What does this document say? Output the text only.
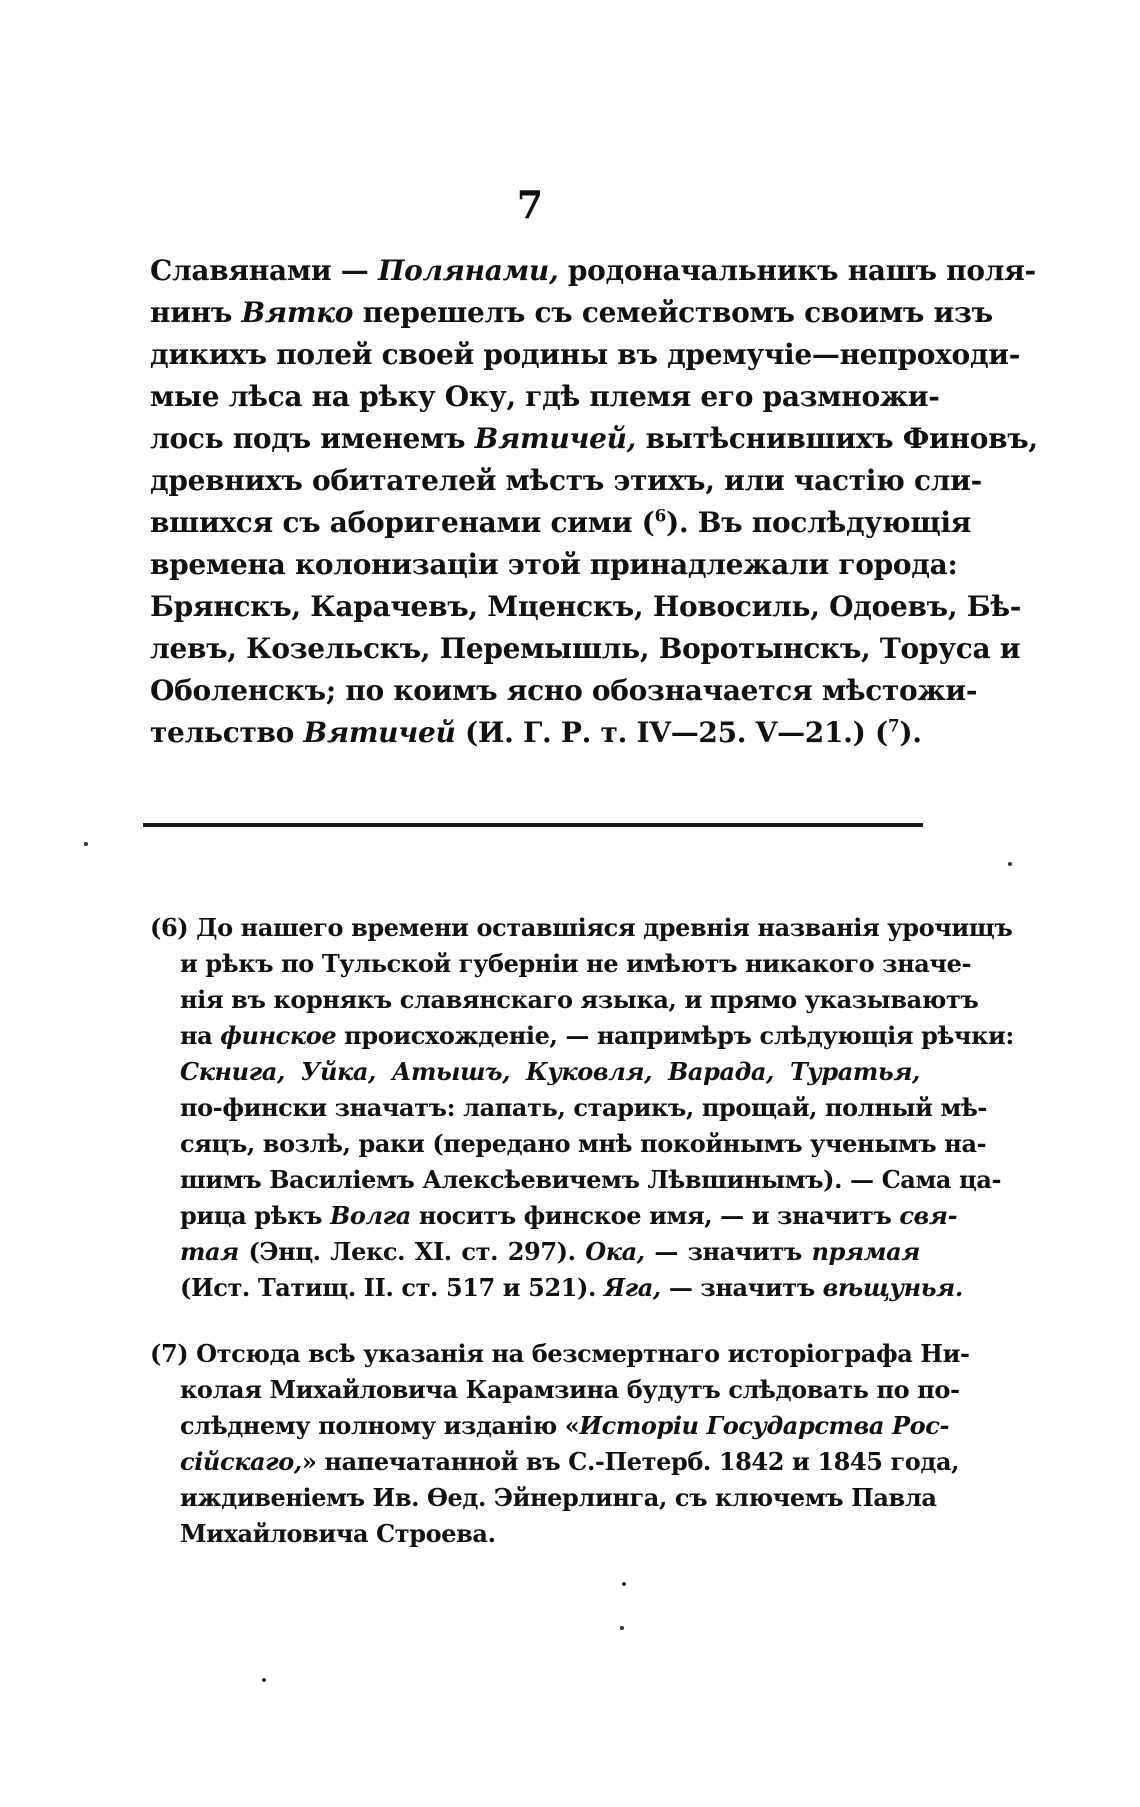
7
Славянами — Полянами, родоначальникъ нашъ поля-
нинъ Вятко перешелъ съ семействомъ своимъ изъ
дикихъ полей своей родины въ дремучіе—непроходи-
мые лѣса на рѣку Оку, гдѣ племя его размножи-
лось подъ именемъ Вятичей, вытѣснившихъ Финовъ,
древнихъ обитателей мѣстъ этихъ, или частію сли-
вшихся съ аборигенами сими ($^6$). Въ послѣдующія
времена колонизаціи этой принадлежали города:
Брянскъ, Карачевъ, Мценскъ, Новосиль, Одоевъ, Бѣ-
левъ, Козельскъ, Перемышль, Воротынскъ, Торуса и
Оболенскъ; по коимъ ясно обозначается мѣстожи-
тельство Вятичей (И. Г. Р. т. IV—25. V—21.) ($^7$).
(6) До нашего времени оставшіяся древнія названія урочищъ
и рѣкъ по Тульской губерніи не имѣютъ никакого значе-
нія въ корнякъ славянскаго языка, и прямо указываютъ
на финское происхожденіе, — напримѣръ слѣдующія рѣчки:
Скнига, Уйка, Атышъ, Куковля, Варада, Туратья,
по-фински значатъ: лапать, старикъ, прощай, полный мѣ-
сяцъ, возлѣ, раки (передано мнѣ покойнымъ ученымъ на-
шимъ Василіемъ Алексѣевичемъ Лѣвшинымъ). — Сама ца-
рица рѣкъ Волга носитъ финское имя, — и значитъ свя-
тая (Энц. Лекс. XI. ст. 297). Ока, — значитъ прямая
(Ист. Татищ. II. ст. 517 и 521). Яга, — значитъ вѣщунья.
(7) Отсюда всѣ указанія на безсмертнаго исторіографа Ни-
колая Михайловича Карамзина будутъ слѣдовать по по-
слѣднему полному изданію «Исторіи Государства Рос-
сійскаго,» напечатанной въ С.-Петерб. 1842 и 1845 года,
иждивеніемъ Ив. Ѳед. Эйнерлинга, съ ключемъ Павла
Михайловича Строева.
